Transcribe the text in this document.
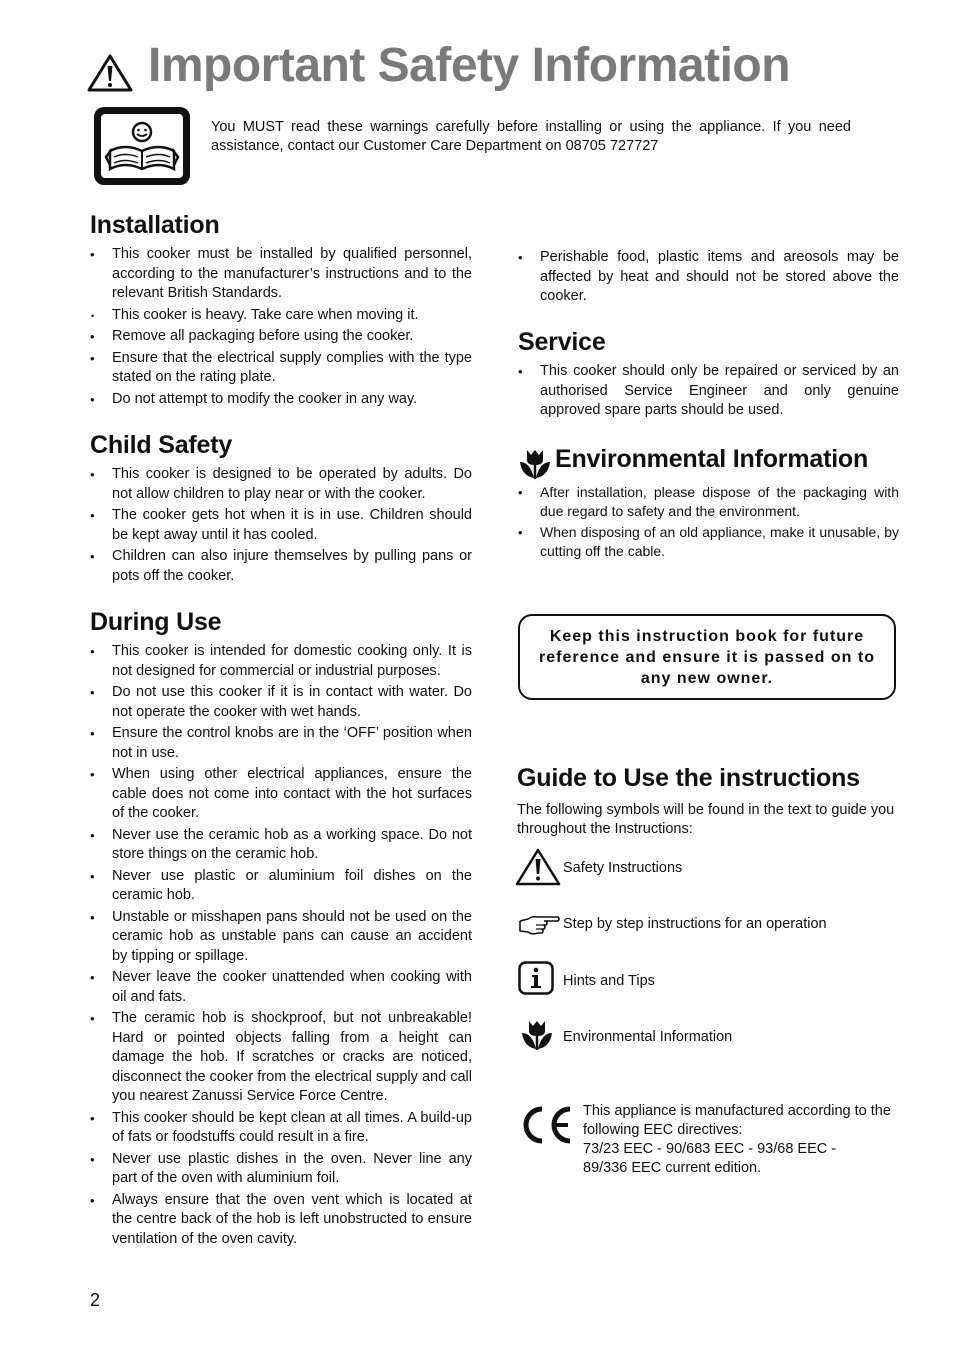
Important Safety Information
You MUST read these warnings carefully before installing or using the appliance. If you need assistance, contact our Customer Care Department on 08705 727727
Installation
• This cooker must be installed by qualified personnel, according to the manufacturer’s instructions and to the relevant British Standards.
• This cooker is heavy. Take care when moving it.
• Remove all packaging before using the cooker.
• Ensure that the electrical supply complies with the type stated on the rating plate.
• Do not attempt to modify the cooker in any way.
Child Safety
• This cooker is designed to be operated by adults. Do not allow children to play near or with the cooker.
• The cooker gets hot when it is in use. Children should be kept away until it has cooled.
• Children can also injure themselves by pulling pans or pots off the cooker.
During Use
• This cooker is intended for domestic cooking only. It is not designed for commercial or industrial purposes.
• Do not use this cooker if it is in contact with water. Do not operate the cooker with wet hands.
• Ensure the control knobs are in the ‘OFF’ position when not in use.
• When using other electrical appliances, ensure the cable does not come into contact with the hot surfaces of the cooker.
• Never use the ceramic hob as a working space. Do not store things on the ceramic hob.
• Never use plastic or aluminium foil dishes on the ceramic hob.
• Unstable or misshapen pans should not be used on the ceramic hob as unstable pans can cause an accident by tipping or spillage.
• Never leave the cooker unattended when cooking with oil and fats.
• The ceramic hob is shockproof, but not unbreakable! Hard or pointed objects falling from a height can damage the hob. If scratches or cracks are noticed, disconnect the cooker from the electrical supply and call you nearest Zanussi Service Force Centre.
• This cooker should be kept clean at all times. A build-up of fats or foodstuffs could result in a fire.
• Never use plastic dishes in the oven. Never line any part of the oven with aluminium foil.
• Always ensure that the oven vent which is located at the centre back of the hob is left unobstructed to ensure ventilation of the oven cavity.
• Perishable food, plastic items and areosols may be affected by heat and should not be stored above the cooker.
Service
• This cooker should only be repaired or serviced by an authorised Service Engineer and only genuine approved spare parts should be used.
Environmental Information
• After installation, please dispose of the packaging with due regard to safety and the environment.
• When disposing of an old appliance, make it unusable, by cutting off the cable.
Keep this instruction book for future reference and ensure it is passed on to any new owner.
Guide to Use the instructions
The following symbols will be found in the text to guide you throughout the Instructions:
Safety Instructions
Step by step instructions for an operation
Hints and Tips
Environmental Information
This appliance is manufactured according to the following EEC directives:
73/23 EEC - 90/683 EEC - 93/68 EEC -
89/336 EEC current edition.
2
